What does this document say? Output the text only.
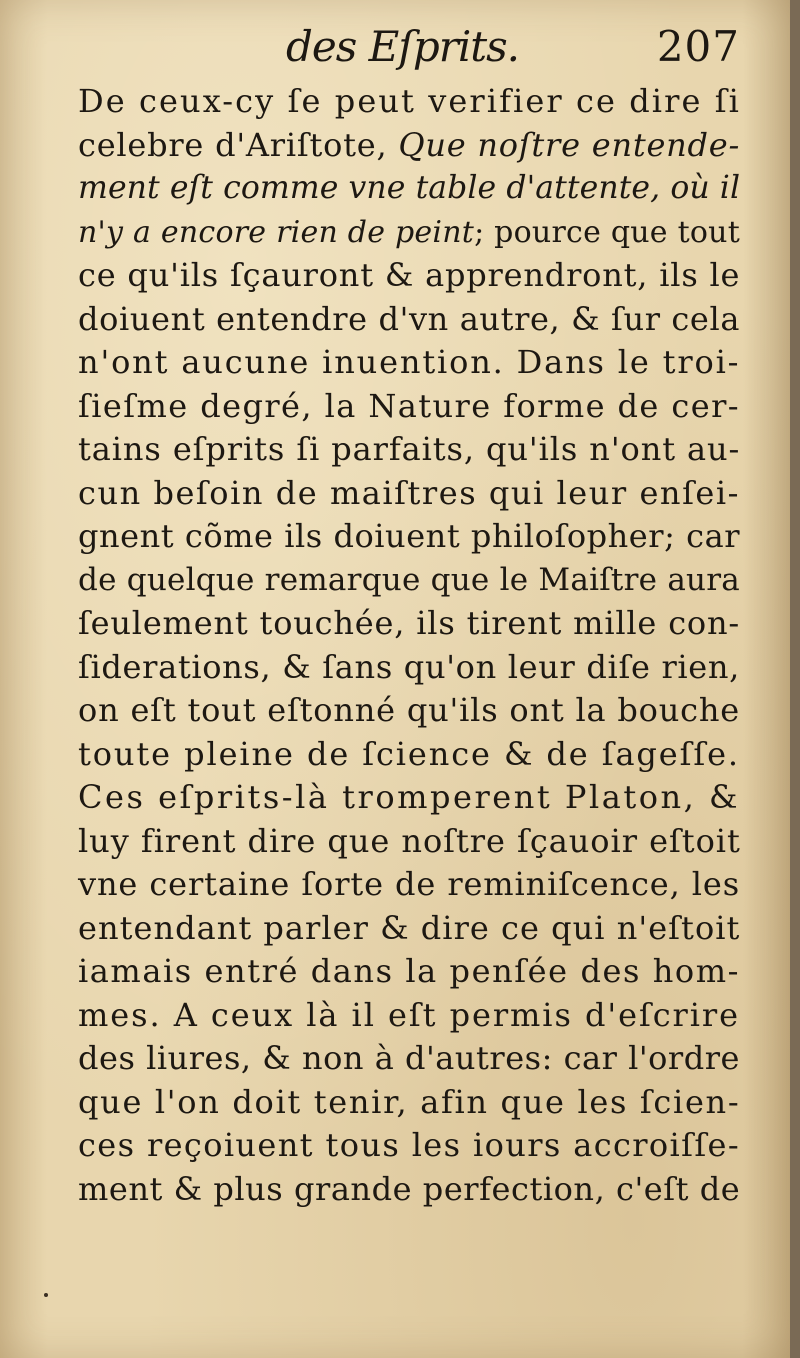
des Eſprits.	207
De ceux-cy ſe peut verifier ce dire ſi
celebre d'Ariſtote, Que noſtre entende-
ment eſt comme vne table d'attente, où il
n'y a encore rien de peint; pource que tout
ce qu'ils ſçauront & apprendront, ils le
doiuent entendre d'vn autre, & ſur cela
n'ont aucune inuention. Dans le troi-
ſieſme degré, la Nature forme de cer-
tains eſprits ſi parfaits, qu'ils n'ont au-
cun beſoin de maiſtres qui leur enſei-
gnent cõme ils doiuent philoſopher; car
de quelque remarque que le Maiſtre aura
ſeulement touchée, ils tirent mille con-
ſiderations, & ſans qu'on leur diſe rien,
on eſt tout eſtonné qu'ils ont la bouche
toute pleine de ſcience & de ſageſſe.
Ces eſprits-là tromperent Platon, &
luy firent dire que noſtre ſçauoir eſtoit
vne certaine ſorte de reminiſcence, les
entendant parler & dire ce qui n'eſtoit
iamais entré dans la penſée des hom-
mes. A ceux là il eſt permis d'eſcrire
des liures, & non à d'autres: car l'ordre
que l'on doit tenir, afin que les ſcien-
ces reçoiuent tous les iours accroiſſe-
ment & plus grande perfection, c'eſt de
